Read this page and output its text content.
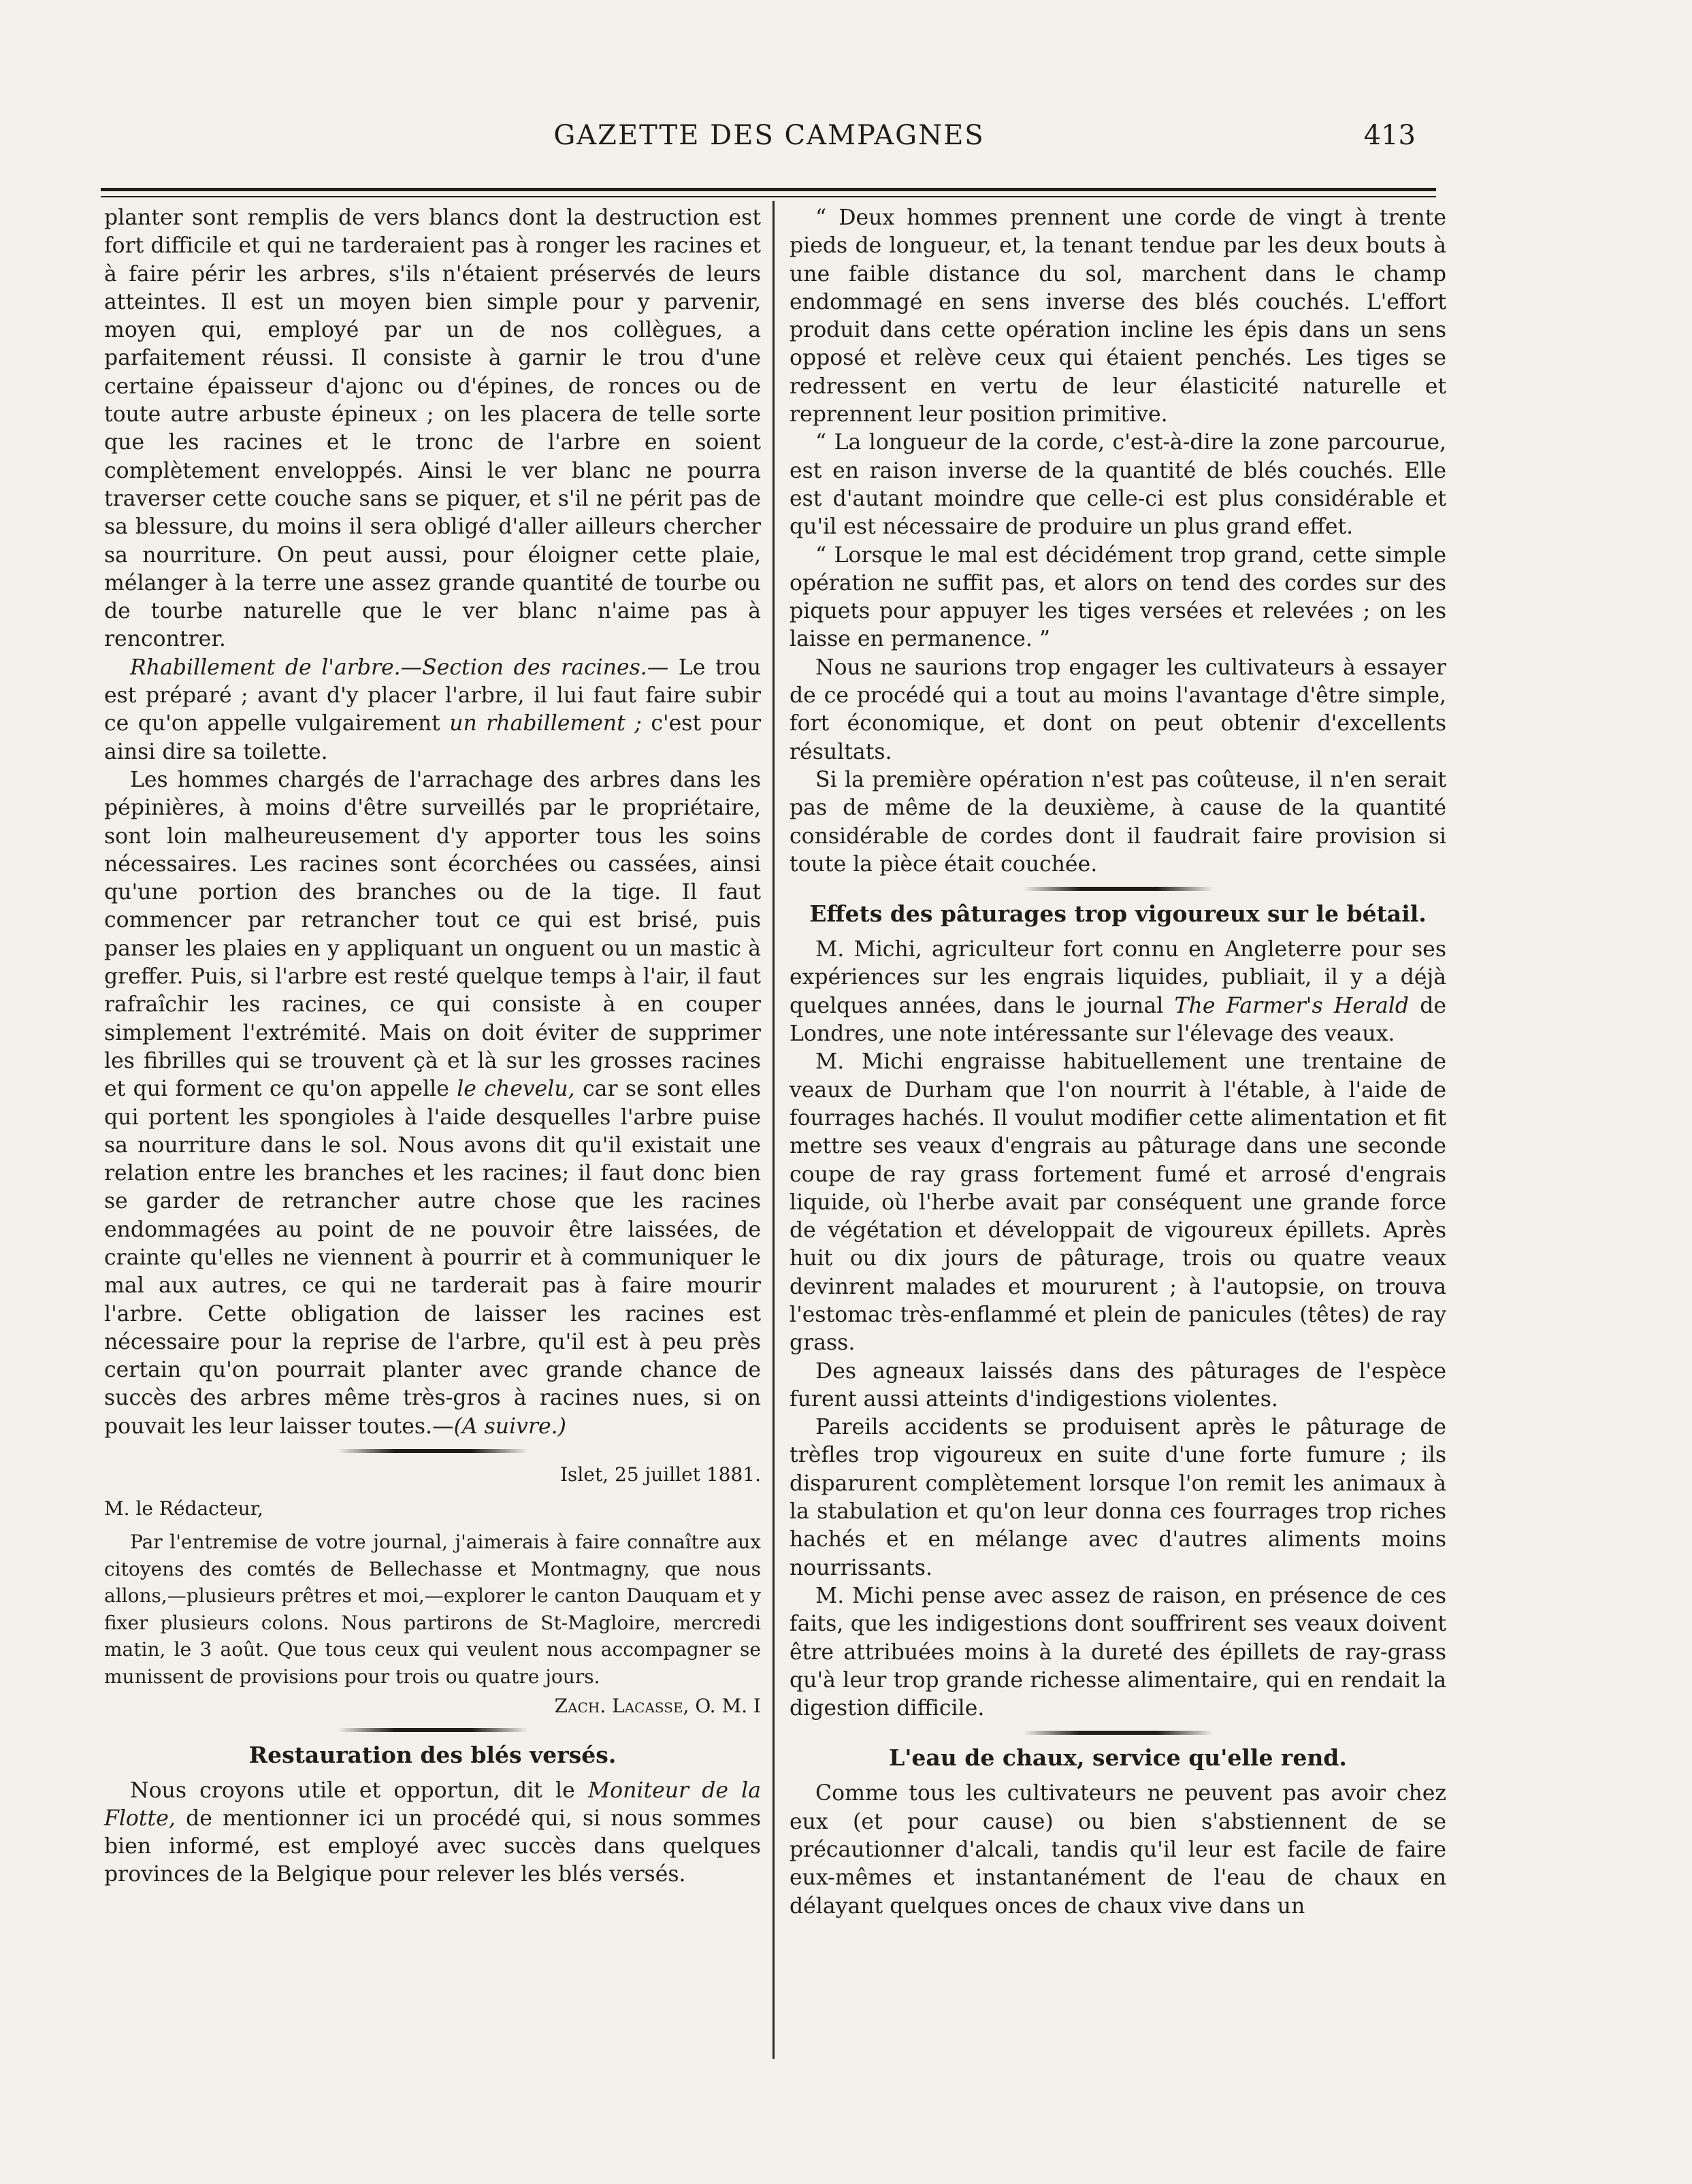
GAZETTE DES CAMPAGNES	413

planter sont remplis de vers blancs dont la destruction est fort difficile et qui ne tarderaient pas à ronger les racines et à faire périr les arbres, s'ils n'étaient préservés de leurs atteintes. Il est un moyen bien simple pour y parvenir, moyen qui, employé par un de nos collègues, a parfaitement réussi. Il consiste à garnir le trou d'une certaine épaisseur d'ajonc ou d'épines, de ronces ou de toute autre arbuste épineux ; on les placera de telle sorte que les racines et le tronc de l'arbre en soient complètement enveloppés. Ainsi le ver blanc ne pourra traverser cette couche sans se piquer, et s'il ne périt pas de sa blessure, du moins il sera obligé d'aller ailleurs chercher sa nourriture. On peut aussi, pour éloigner cette plaie, mélanger à la terre une assez grande quantité de tourbe ou de tourbe naturelle que le ver blanc n'aime pas à rencontrer.

Rhabillement de l'arbre.—Section des racines.— Le trou est préparé ; avant d'y placer l'arbre, il lui faut faire subir ce qu'on appelle vulgairement un rhabillement ; c'est pour ainsi dire sa toilette.

Les hommes chargés de l'arrachage des arbres dans les pépinières, à moins d'être surveillés par le propriétaire, sont loin malheureusement d'y apporter tous les soins nécessaires. Les racines sont écorchées ou cassées, ainsi qu'une portion des branches ou de la tige. Il faut commencer par retrancher tout ce qui est brisé, puis panser les plaies en y appliquant un onguent ou un mastic à greffer. Puis, si l'arbre est resté quelque temps à l'air, il faut rafraîchir les racines, ce qui consiste à en couper simplement l'extrémité. Mais on doit éviter de supprimer les fibrilles qui se trouvent çà et là sur les grosses racines et qui forment ce qu'on appelle le chevelu, car se sont elles qui portent les spongioles à l'aide desquelles l'arbre puise sa nourriture dans le sol. Nous avons dit qu'il existait une relation entre les branches et les racines; il faut donc bien se garder de retrancher autre chose que les racines endommagées au point de ne pouvoir être laissées, de crainte qu'elles ne viennent à pourrir et à communiquer le mal aux autres, ce qui ne tarderait pas à faire mourir l'arbre. Cette obligation de laisser les racines est nécessaire pour la reprise de l'arbre, qu'il est à peu près certain qu'on pourrait planter avec grande chance de succès des arbres même très-gros à racines nues, si on pouvait les leur laisser toutes.—(A suivre.)

Islet, 25 juillet 1881.

M. le Rédacteur,

Par l'entremise de votre journal, j'aimerais à faire connaître aux citoyens des comtés de Bellechasse et Montmagny, que nous allons,—plusieurs prêtres et moi,—explorer le canton Dauquam et y fixer plusieurs colons. Nous partirons de St-Magloire, mercredi matin, le 3 août. Que tous ceux qui veulent nous accompagner se munissent de provisions pour trois ou quatre jours.

Zach. Lacasse, O. M. I

Restauration des blés versés.

Nous croyons utile et opportun, dit le Moniteur de la Flotte, de mentionner ici un procédé qui, si nous sommes bien informé, est employé avec succès dans quelques provinces de la Belgique pour relever les blés versés.

“ Deux hommes prennent une corde de vingt à trente pieds de longueur, et, la tenant tendue par les deux bouts à une faible distance du sol, marchent dans le champ endommagé en sens inverse des blés couchés. L'effort produit dans cette opération incline les épis dans un sens opposé et relève ceux qui étaient penchés. Les tiges se redressent en vertu de leur élasticité naturelle et reprennent leur position primitive.

“ La longueur de la corde, c'est-à-dire la zone parcourue, est en raison inverse de la quantité de blés couchés. Elle est d'autant moindre que celle-ci est plus considérable et qu'il est nécessaire de produire un plus grand effet.

“ Lorsque le mal est décidément trop grand, cette simple opération ne suffit pas, et alors on tend des cordes sur des piquets pour appuyer les tiges versées et relevées ; on les laisse en permanence. ”

Nous ne saurions trop engager les cultivateurs à essayer de ce procédé qui a tout au moins l'avantage d'être simple, fort économique, et dont on peut obtenir d'excellents résultats.

Si la première opération n'est pas coûteuse, il n'en serait pas de même de la deuxième, à cause de la quantité considérable de cordes dont il faudrait faire provision si toute la pièce était couchée.

Effets des pâturages trop vigoureux sur le bétail.

M. Michi, agriculteur fort connu en Angleterre pour ses expériences sur les engrais liquides, publiait, il y a déjà quelques années, dans le journal The Farmer's Herald de Londres, une note intéressante sur l'élevage des veaux.

M. Michi engraisse habituellement une trentaine de veaux de Durham que l'on nourrit à l'étable, à l'aide de fourrages hachés. Il voulut modifier cette alimentation et fit mettre ses veaux d'engrais au pâturage dans une seconde coupe de ray grass fortement fumé et arrosé d'engrais liquide, où l'herbe avait par conséquent une grande force de végétation et développait de vigoureux épillets. Après huit ou dix jours de pâturage, trois ou quatre veaux devinrent malades et moururent ; à l'autopsie, on trouva l'estomac très-enflammé et plein de panicules (têtes) de ray grass.

Des agneaux laissés dans des pâturages de l'espèce furent aussi atteints d'indigestions violentes.

Pareils accidents se produisent après le pâturage de trèfles trop vigoureux en suite d'une forte fumure ; ils disparurent complètement lorsque l'on remit les animaux à la stabulation et qu'on leur donna ces fourrages trop riches hachés et en mélange avec d'autres aliments moins nourrissants.

M. Michi pense avec assez de raison, en présence de ces faits, que les indigestions dont souffrirent ses veaux doivent être attribuées moins à la dureté des épillets de ray-grass qu'à leur trop grande richesse alimentaire, qui en rendait la digestion difficile.

L'eau de chaux, service qu'elle rend.

Comme tous les cultivateurs ne peuvent pas avoir chez eux (et pour cause) ou bien s'abstiennent de se précautionner d'alcali, tandis qu'il leur est facile de faire eux-mêmes et instantanément de l'eau de chaux en délayant quelques onces de chaux vive dans un
